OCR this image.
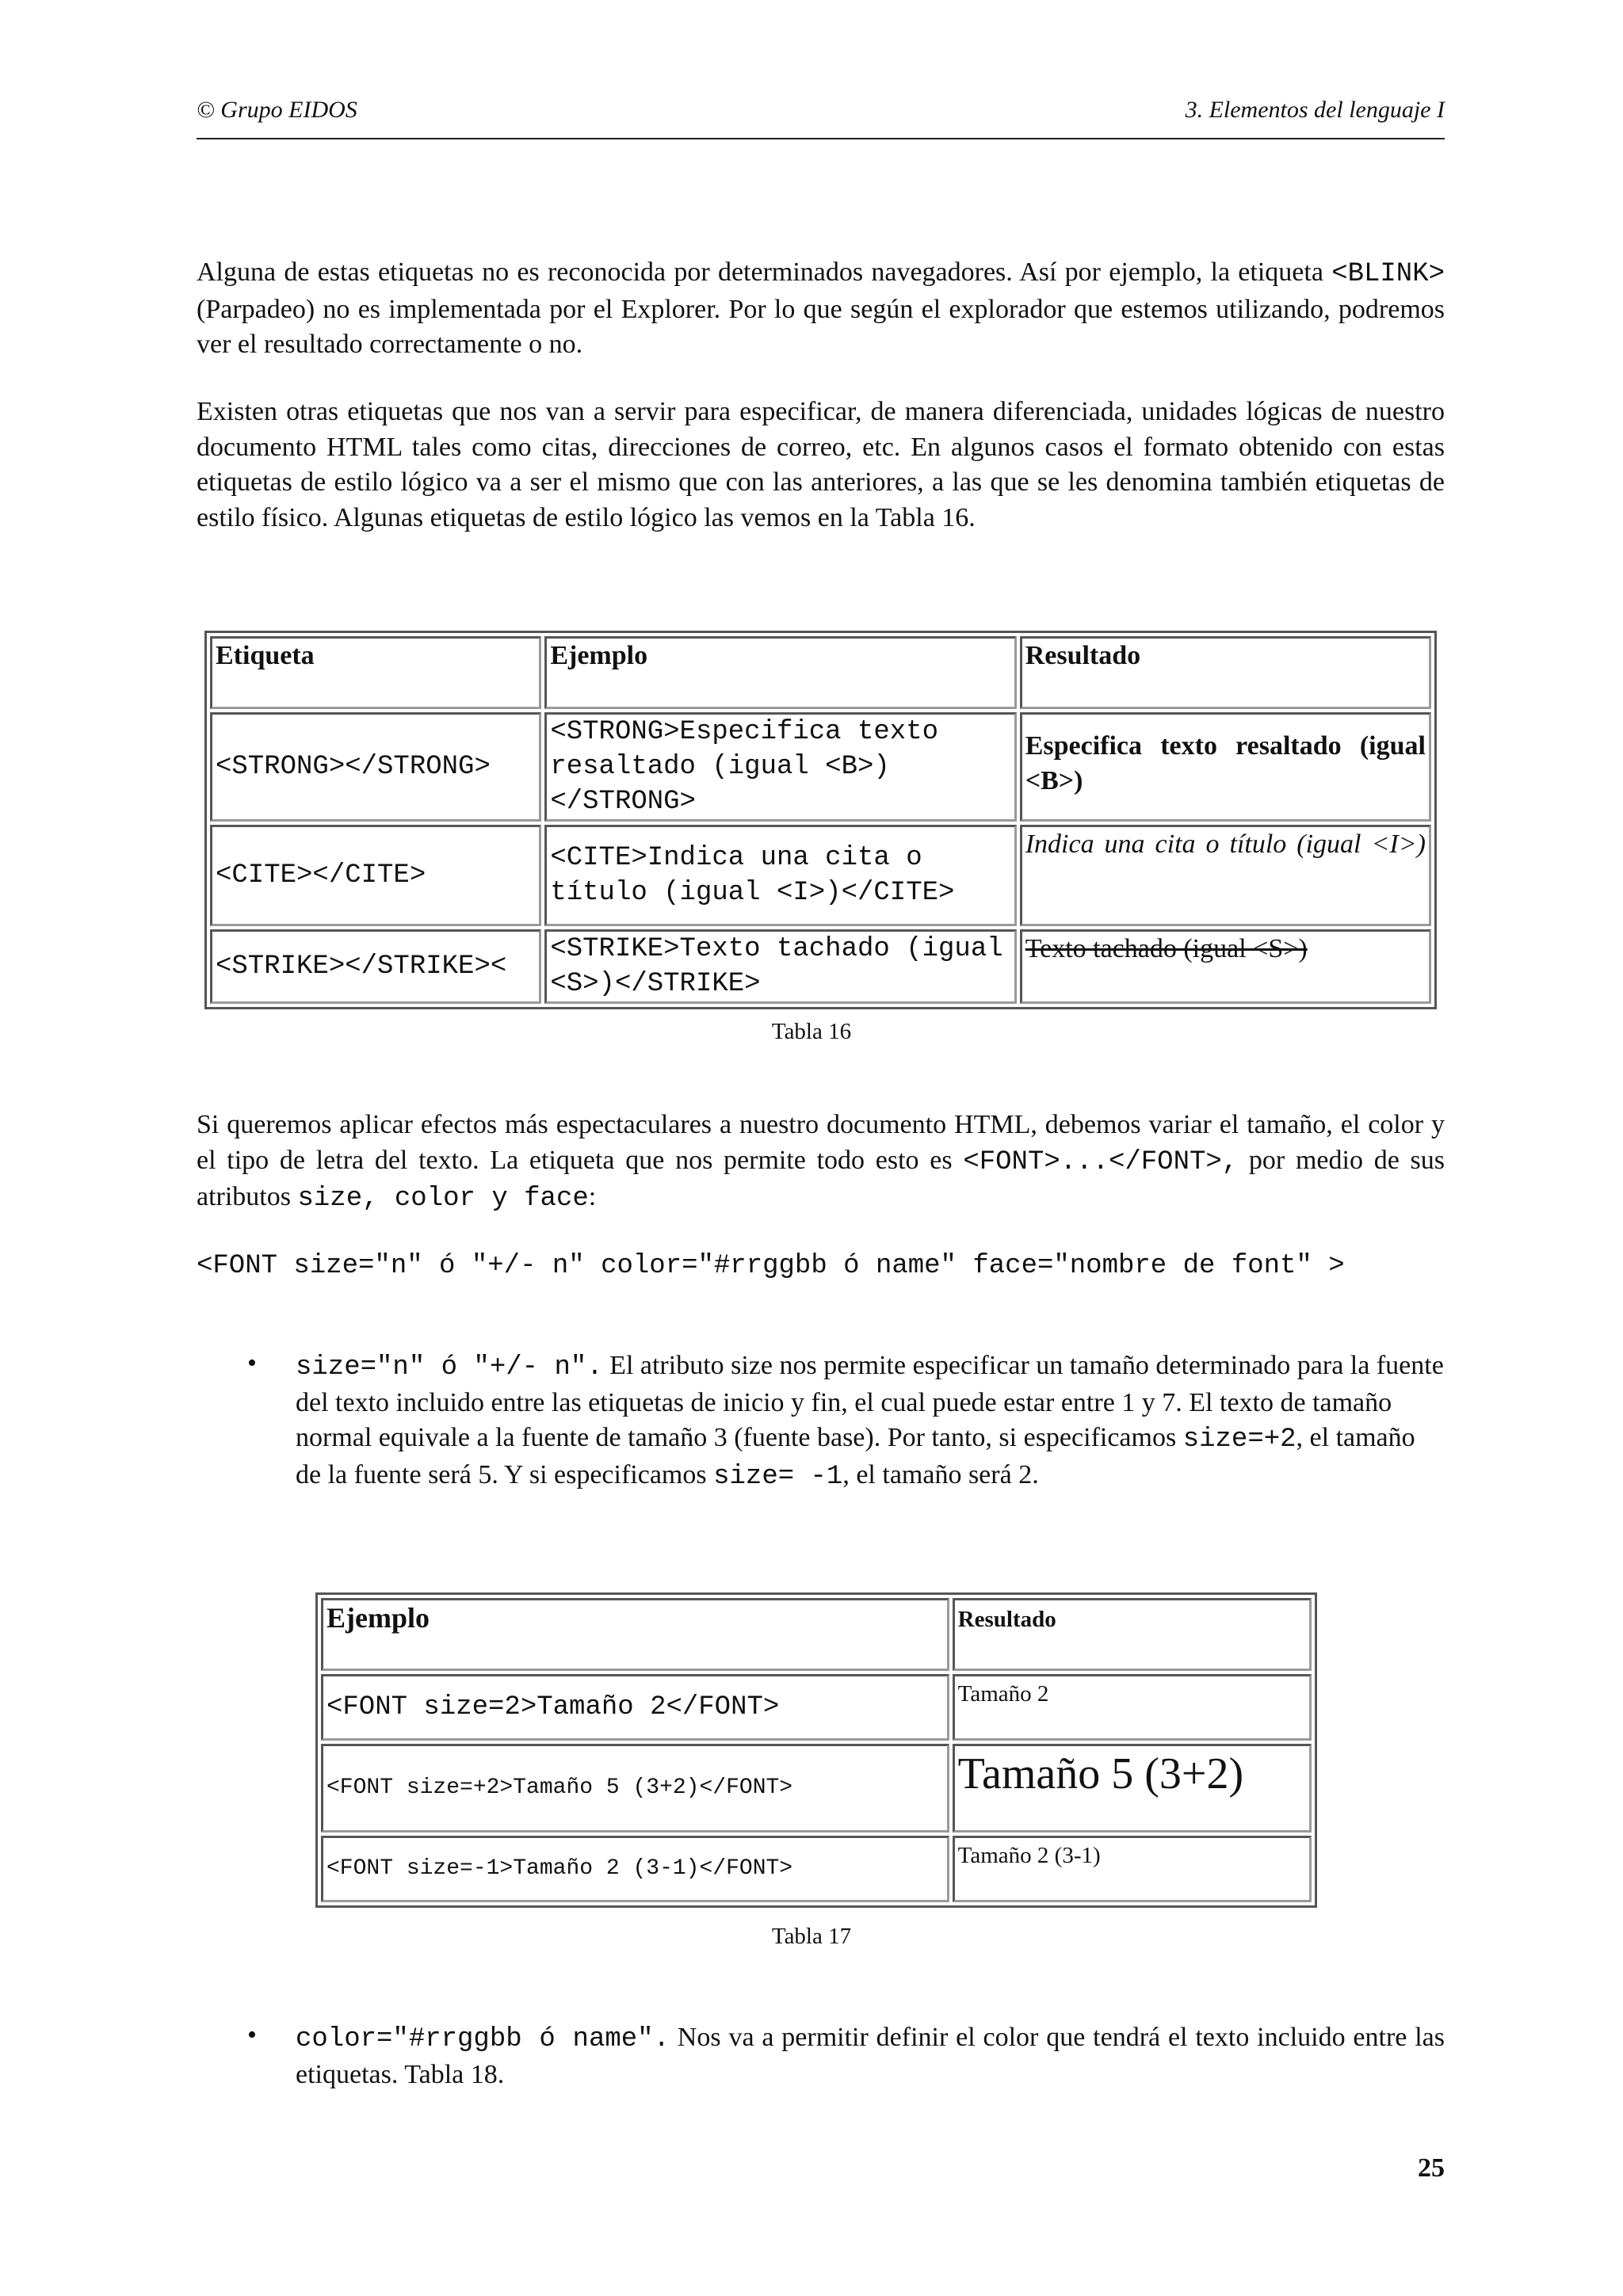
© Grupo EIDOS	3. Elementos del lenguaje I
Alguna de estas etiquetas no es reconocida por determinados navegadores. Así por ejemplo, la etiqueta <BLINK> (Parpadeo) no es implementada por el Explorer. Por lo que según el explorador que estemos utilizando, podremos ver el resultado correctamente o no.
Existen otras etiquetas que nos van a servir para especificar, de manera diferenciada, unidades lógicas de nuestro documento HTML tales como citas, direcciones de correo, etc. En algunos casos el formato obtenido con estas etiquetas de estilo lógico va a ser el mismo que con las anteriores, a las que se les denomina también etiquetas de estilo físico. Algunas etiquetas de estilo lógico las vemos en la Tabla 16.
Etiqueta	Ejemplo	Resultado
<STRONG></STRONG>	<STRONG>Especifica texto resaltado (igual <B>)</STRONG>	Especifica texto resaltado (igual <B>)
<CITE></CITE>	<CITE>Indica una cita o título (igual <I>)</CITE>	Indica una cita o título (igual <I>)
<STRIKE></STRIKE><	<STRIKE>Texto tachado (igual <S>)</STRIKE>	Texto tachado (igual <S>)
Tabla 16
Si queremos aplicar efectos más espectaculares a nuestro documento HTML, debemos variar el tamaño, el color y el tipo de letra del texto. La etiqueta que nos permite todo esto es <FONT>...</FONT>, por medio de sus atributos size, color y face:
<FONT size="n" ó "+/- n" color="#rrggbb ó name" face="nombre de font" >
• size="n" ó "+/- n". El atributo size nos permite especificar un tamaño determinado para la fuente del texto incluido entre las etiquetas de inicio y fin, el cual puede estar entre 1 y 7. El texto de tamaño normal equivale a la fuente de tamaño 3 (fuente base). Por tanto, si especificamos size=+2, el tamaño de la fuente será 5. Y si especificamos size= -1, el tamaño será 2.
Ejemplo	Resultado
<FONT size=2>Tamaño 2</FONT>	Tamaño 2
<FONT size=+2>Tamaño 5 (3+2)</FONT>	Tamaño 5 (3+2)
<FONT size=-1>Tamaño 2 (3-1)</FONT>	Tamaño 2 (3-1)
Tabla 17
• color="#rrggbb ó name". Nos va a permitir definir el color que tendrá el texto incluido entre las etiquetas. Tabla 18.
25
